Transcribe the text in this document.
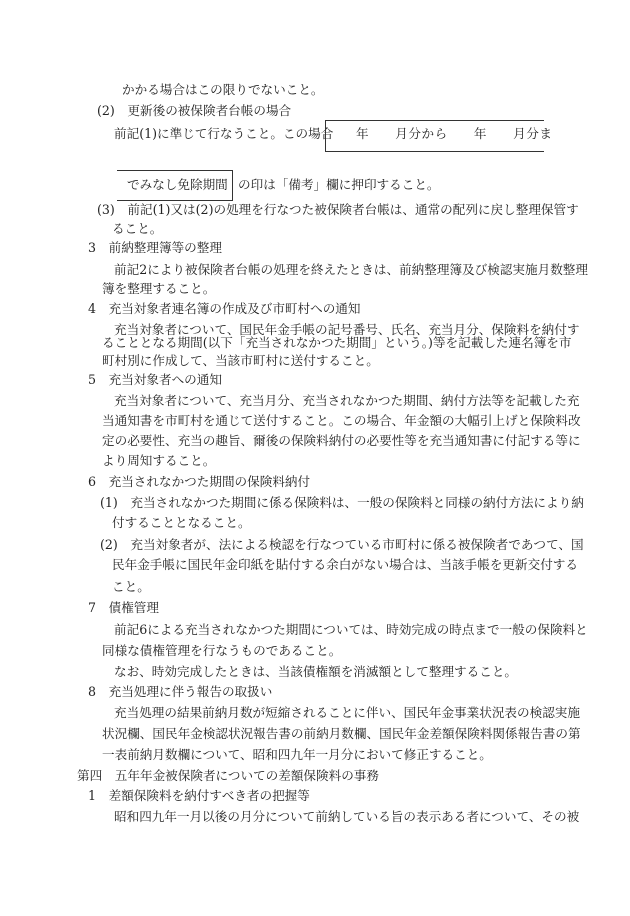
かかる場合はこの限りでないこと。
(2)　更新後の被保険者台帳の場合
前記(1)に準じて行なうこと。この場合 年　　月分から　　年　　月分ま
でみなし免除期間 の印は「備考」欄に押印すること。
(3)　前記(1)又は(2)の処理を行なつた被保険者台帳は、通常の配列に戻し整理保管す
ること。
3　前納整理簿等の整理
前記2により被保険者台帳の処理を終えたときは、前納整理簿及び検認実施月数整理
簿を整理すること。
4　充当対象者連名簿の作成及び市町村への通知
充当対象者について、国民年金手帳の記号番号、氏名、充当月分、保険料を納付す
ることとなる期間(以下「充当されなかつた期間」という。)等を記載した連名簿を市
町村別に作成して、当該市町村に送付すること。
5　充当対象者への通知
充当対象者について、充当月分、充当されなかつた期間、納付方法等を記載した充
当通知書を市町村を通じて送付すること。この場合、年金額の大幅引上げと保険料改
定の必要性、充当の趣旨、爾後の保険料納付の必要性等を充当通知書に付記する等に
より周知すること。
6　充当されなかつた期間の保険料納付
(1)　充当されなかつた期間に係る保険料は、一般の保険料と同様の納付方法により納
付することとなること。
(2)　充当対象者が、法による検認を行なつている市町村に係る被保険者であつて、国
民年金手帳に国民年金印紙を貼付する余白がない場合は、当該手帳を更新交付する
こと。
7　債権管理
前記6による充当されなかつた期間については、時効完成の時点まで一般の保険料と
同様な債権管理を行なうものであること。
なお、時効完成したときは、当該債権額を消滅額として整理すること。
8　充当処理に伴う報告の取扱い
充当処理の結果前納月数が短縮されることに伴い、国民年金事業状況表の検認実施
状況欄、国民年金検認状況報告書の前納月数欄、国民年金差額保険料関係報告書の第
一表前納月数欄について、昭和四九年一月分において修正すること。
第四　五年年金被保険者についての差額保険料の事務
1　差額保険料を納付すべき者の把握等
昭和四九年一月以後の月分について前納している旨の表示ある者について、その被
